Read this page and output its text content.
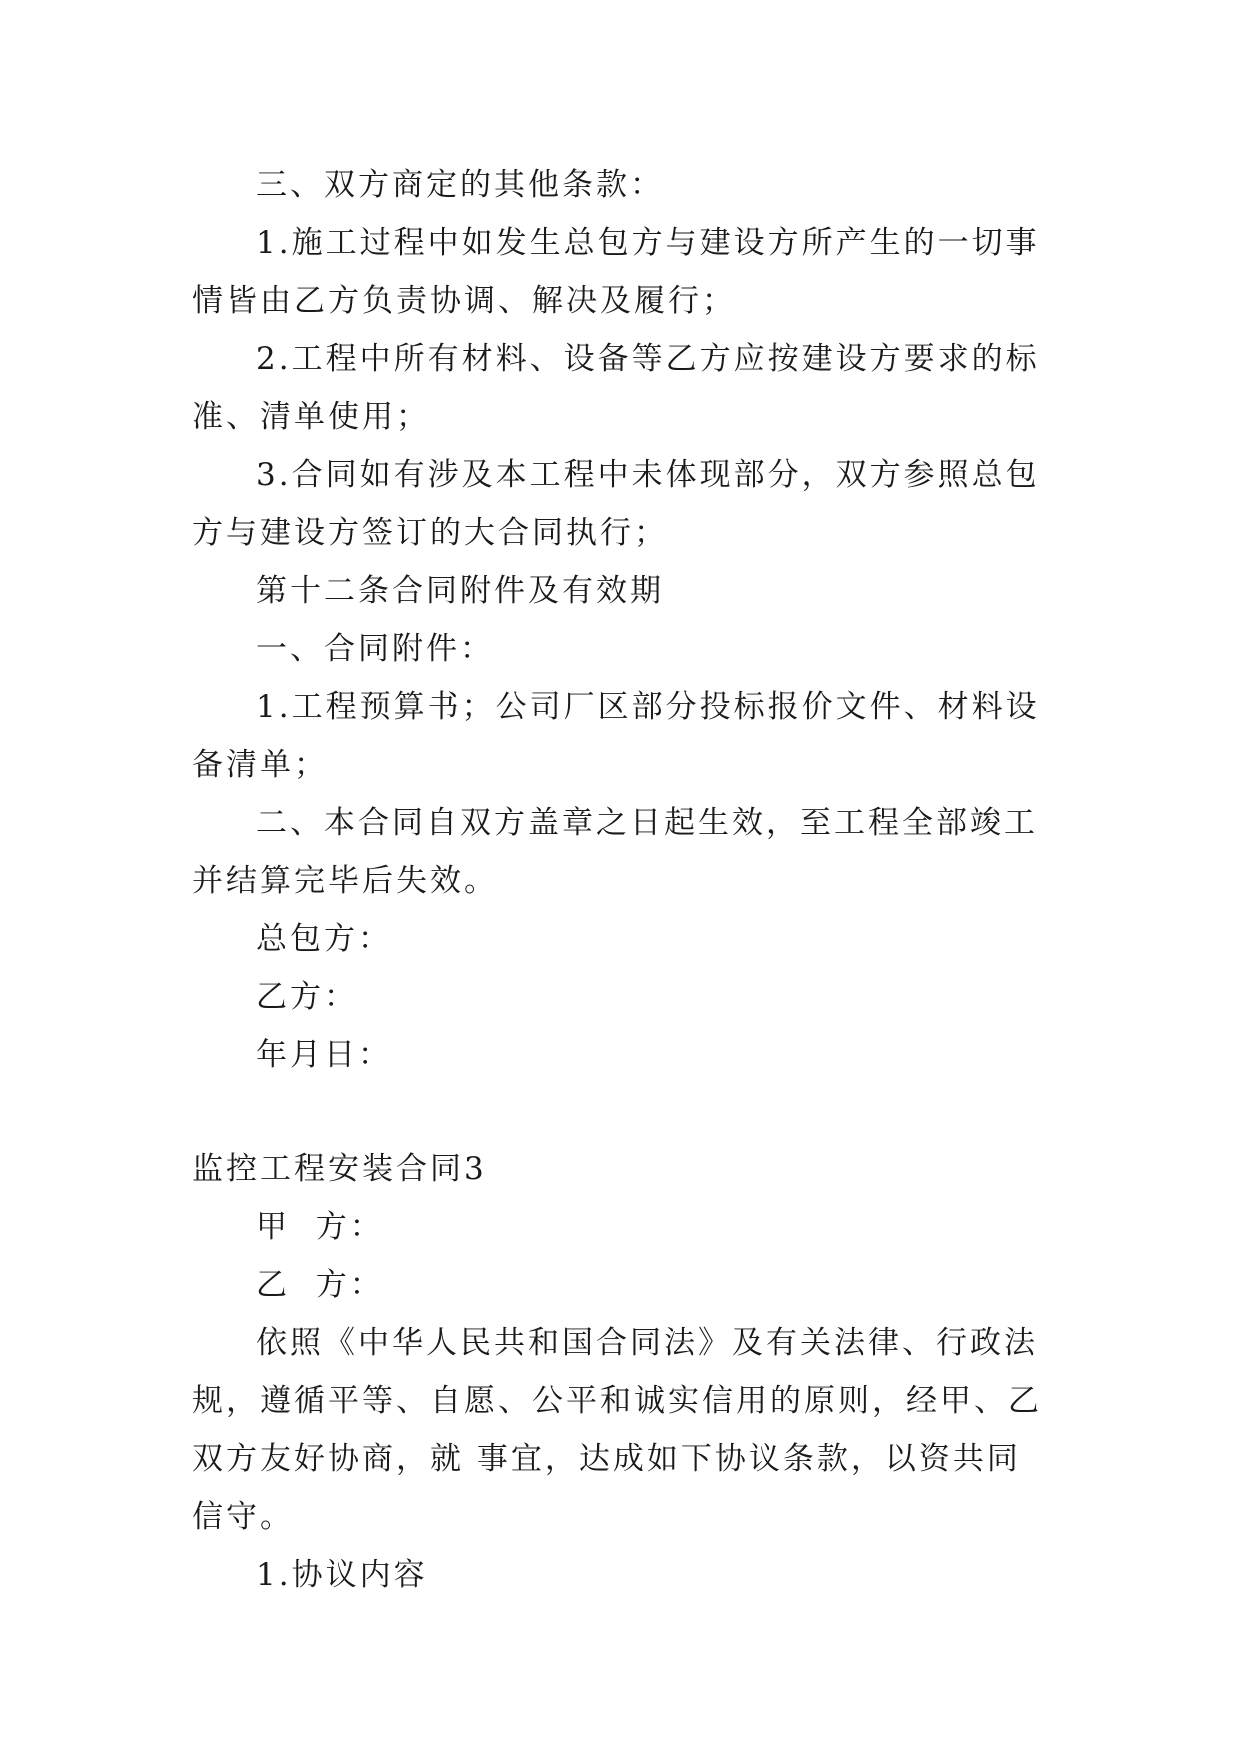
三、双方商定的其他条款：

1.施工过程中如发生总包方与建设方所产生的一切事情皆由乙方负责协调、解决及履行；

2.工程中所有材料、设备等乙方应按建设方要求的标准、清单使用；

3.合同如有涉及本工程中未体现部分，双方参照总包方与建设方签订的大合同执行；

第十二条合同附件及有效期

一、合同附件：

1.工程预算书；公司厂区部分投标报价文件、材料设备清单；

二、本合同自双方盖章之日起生效，至工程全部竣工并结算完毕后失效。

总包方：

乙方：

年月日：

监控工程安装合同3

甲  方：

乙  方：

依照《中华人民共和国合同法》及有关法律、行政法规，遵循平等、自愿、公平和诚实信用的原则，经甲、乙双方友好协商，就 事宜，达成如下协议条款，以资共同信守。

1.协议内容
